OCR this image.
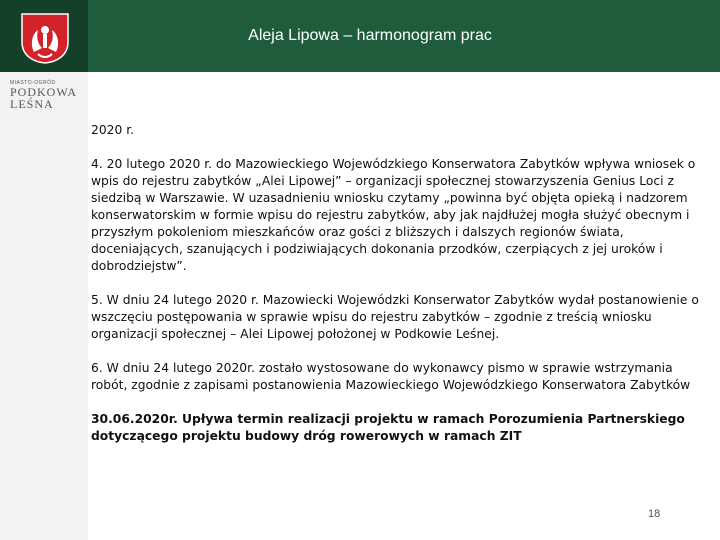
Aleja Lipowa – harmonogram prac
MIASTO-OGRÓD
PODKOWA
LEŚNA

2020 r.

4. 20 lutego 2020 r. do Mazowieckiego Wojewódzkiego Konserwatora Zabytków wpływa wniosek o wpis do rejestru zabytków „Alei Lipowej” – organizacji społecznej stowarzyszenia Genius Loci z siedzibą w Warszawie. W uzasadnieniu wniosku czytamy „powinna być objęta opieką i nadzorem konserwatorskim w formie wpisu do rejestru zabytków, aby jak najdłużej mogła służyć obecnym i przyszłym pokoleniom mieszkańców oraz gości z bliższych i dalszych regionów świata, doceniających, szanujących i podziwiających dokonania przodków, czerpiących z jej uroków i dobrodziejstw”.

5. W dniu 24 lutego 2020 r. Mazowiecki Wojewódzki Konserwator Zabytków wydał postanowienie o wszczęciu postępowania w sprawie wpisu do rejestru zabytków – zgodnie z treścią wniosku organizacji społecznej – Alei Lipowej położonej w Podkowie Leśnej.

6. W dniu 24 lutego 2020r. zostało wystosowane do wykonawcy pismo w sprawie wstrzymania robót, zgodnie z zapisami postanowienia Mazowieckiego Wojewódzkiego Konserwatora Zabytków

30.06.2020r. Upływa termin realizacji projektu w ramach Porozumienia Partnerskiego dotyczącego projektu budowy dróg rowerowych w ramach ZIT

18
